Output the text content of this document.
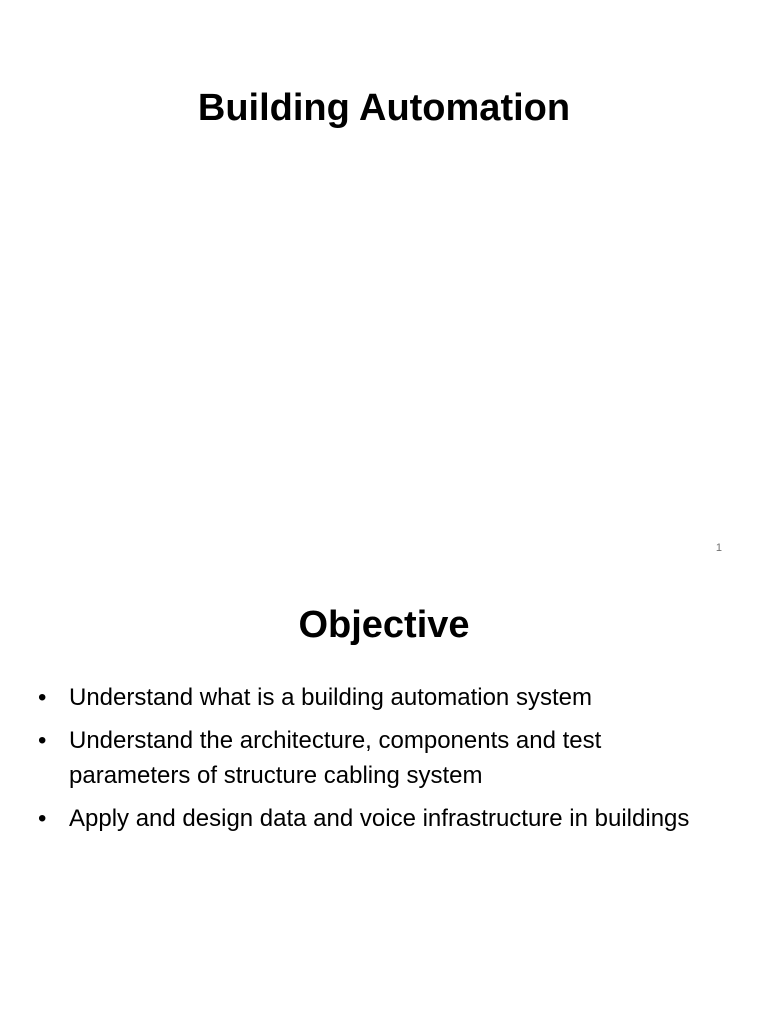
Building Automation
1
Objective
• Understand what is a building automation system
• Understand the architecture, components and test parameters of structure cabling system
• Apply and design data and voice infrastructure in buildings
